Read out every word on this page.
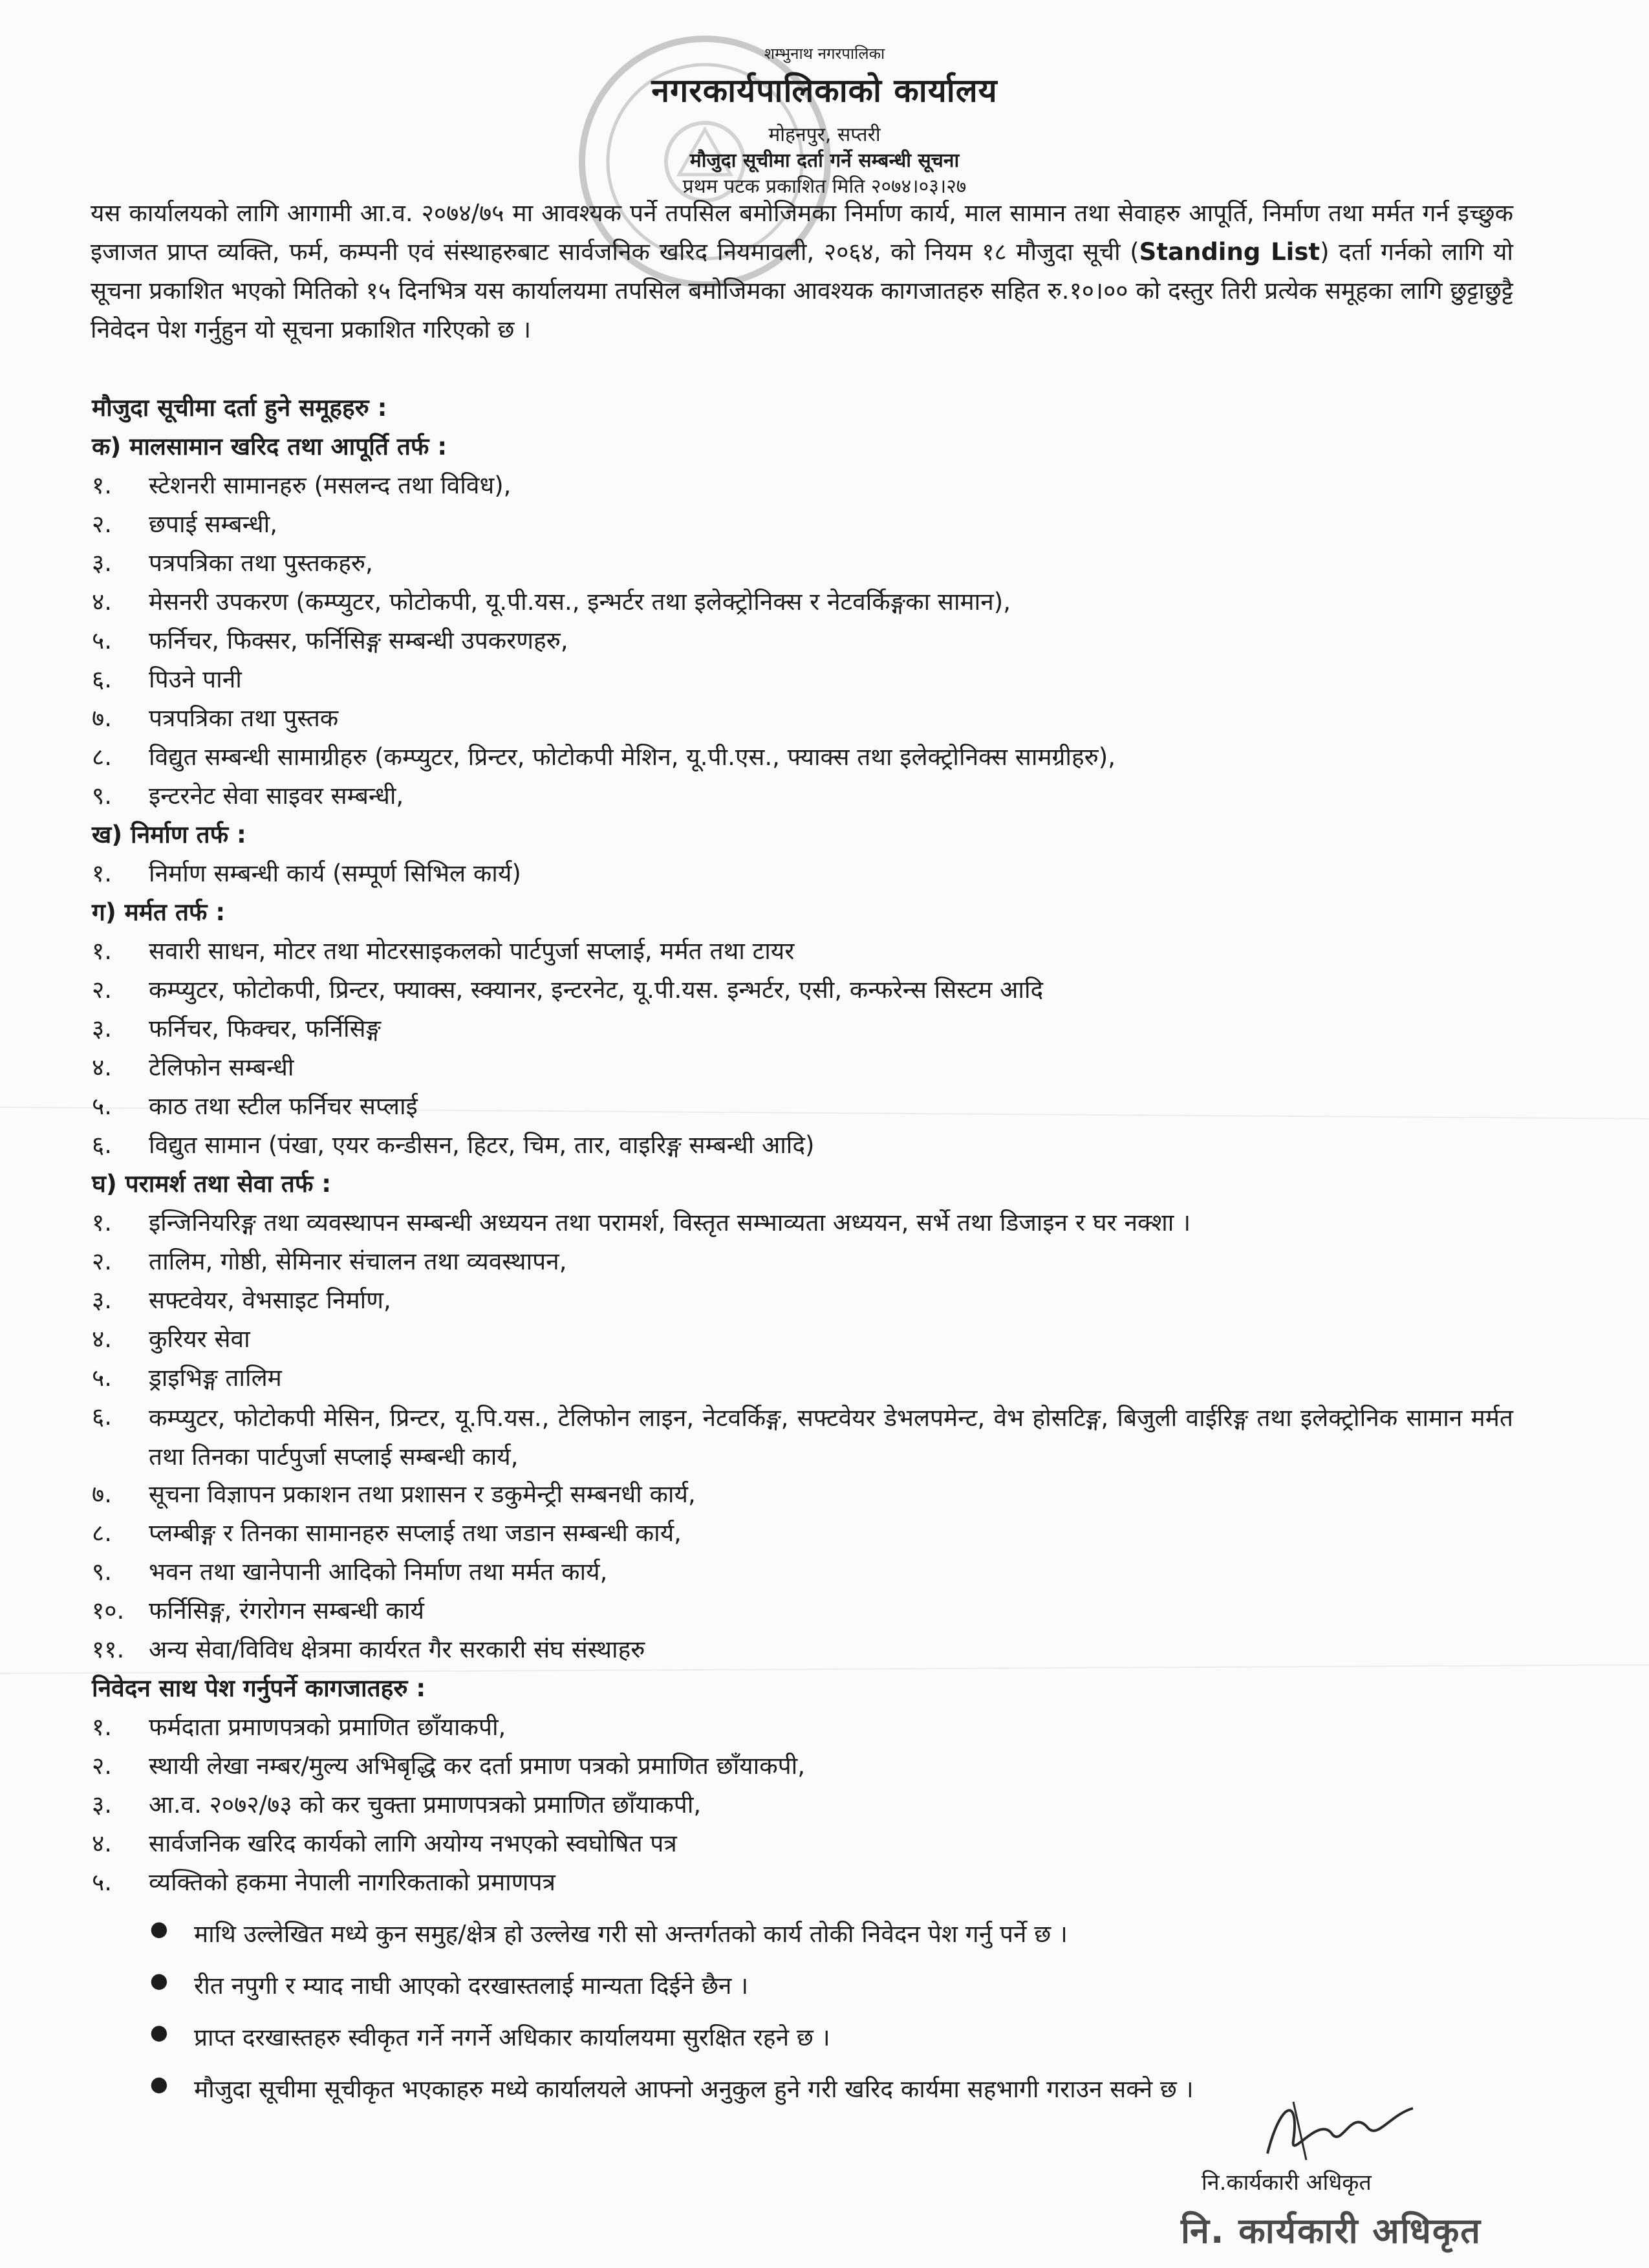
शम्भुनाथ नगरपालिका
नगरकार्यपालिकाको कार्यालय
मोहनपुर, सप्तरी
मौजुदा सूचीमा दर्ता गर्ने सम्बन्धी सूचना
प्रथम पटक प्रकाशित मिति २०७४।०३।२७
यस कार्यालयको लागि आगामी आ.व. २०७४/७५ मा आवश्यक पर्ने तपसिल बमोजिमका निर्माण कार्य, माल सामान तथा सेवाहरु आपूर्ति, निर्माण तथा मर्मत गर्न इच्छुक इजाजत प्राप्त व्यक्ति, फर्म, कम्पनी एवं संस्थाहरुबाट सार्वजनिक खरिद नियमावली, २०६४, को नियम १८ मौजुदा सूची (Standing List) दर्ता गर्नको लागि यो सूचना प्रकाशित भएको मितिको १५ दिनभित्र यस कार्यालयमा तपसिल बमोजिमका आवश्यक कागजातहरु सहित रु.१०।०० को दस्तुर तिरी प्रत्येक समूहका लागि छुट्टाछुट्टै निवेदन पेश गर्नुहुन यो सूचना प्रकाशित गरिएको छ ।
मौजुदा सूचीमा दर्ता हुने समूहहरु :
क) मालसामान खरिद तथा आपूर्ति तर्फ :
१. स्टेशनरी सामानहरु (मसलन्द तथा विविध),
२. छपाई सम्बन्धी,
३. पत्रपत्रिका तथा पुस्तकहरु,
४. मेसनरी उपकरण (कम्प्युटर, फोटोकपी, यू.पी.यस., इन्भर्टर तथा इलेक्ट्रोनिक्स र नेटवर्किङ्गका सामान),
५. फर्निचर, फिक्सर, फर्निसिङ्ग सम्बन्धी उपकरणहरु,
६. पिउने पानी
७. पत्रपत्रिका तथा पुस्तक
८. विद्युत सम्बन्धी सामाग्रीहरु (कम्प्युटर, प्रिन्टर, फोटोकपी मेशिन, यू.पी.एस., फ्याक्स तथा इलेक्ट्रोनिक्स सामग्रीहरु),
९. इन्टरनेट सेवा साइवर सम्बन्धी,
ख) निर्माण तर्फ :
१. निर्माण सम्बन्धी कार्य (सम्पूर्ण सिभिल कार्य)
ग) मर्मत तर्फ :
१. सवारी साधन, मोटर तथा मोटरसाइकलको पार्टपुर्जा सप्लाई, मर्मत तथा टायर
२. कम्प्युटर, फोटोकपी, प्रिन्टर, फ्याक्स, स्क्यानर, इन्टरनेट, यू.पी.यस. इन्भर्टर, एसी, कन्फरेन्स सिस्टम आदि
३. फर्निचर, फिक्चर, फर्निसिङ्ग
४. टेलिफोन सम्बन्धी
५. काठ तथा स्टील फर्निचर सप्लाई
६. विद्युत सामान (पंखा, एयर कन्डीसन, हिटर, चिम, तार, वाइरिङ्ग सम्बन्धी आदि)
घ) परामर्श तथा सेवा तर्फ :
१. इन्जिनियरिङ्ग तथा व्यवस्थापन सम्बन्धी अध्ययन तथा परामर्श, विस्तृत सम्भाव्यता अध्ययन, सर्भे तथा डिजाइन र घर नक्शा ।
२. तालिम, गोष्ठी, सेमिनार संचालन तथा व्यवस्थापन,
३. सफ्टवेयर, वेभसाइट निर्माण,
४. कुरियर सेवा
५. ड्राइभिङ्ग तालिम
६. कम्प्युटर, फोटोकपी मेसिन, प्रिन्टर, यू.पि.यस., टेलिफोन लाइन, नेटवर्किङ्ग, सफ्टवेयर डेभलपमेन्ट, वेभ होसटिङ्ग, बिजुली वाईरिङ्ग तथा इलेक्ट्रोनिक सामान मर्मत तथा तिनका पार्टपुर्जा सप्लाई सम्बन्धी कार्य,
७. सूचना विज्ञापन प्रकाशन तथा प्रशासन र डकुमेन्ट्री सम्बनधी कार्य,
८. प्लम्बीङ्ग र तिनका सामानहरु सप्लाई तथा जडान सम्बन्धी कार्य,
९. भवन तथा खानेपानी आदिको निर्माण तथा मर्मत कार्य,
१०. फर्निसिङ्ग, रंगरोगन सम्बन्धी कार्य
११. अन्य सेवा/विविध क्षेत्रमा कार्यरत गैर सरकारी संघ संस्थाहरु
निवेदन साथ पेश गर्नुपर्ने कागजातहरु :
१. फर्मदाता प्रमाणपत्रको प्रमाणित छाँयाकपी,
२. स्थायी लेखा नम्बर/मुल्य अभिबृद्धि कर दर्ता प्रमाण पत्रको प्रमाणित छाँयाकपी,
३. आ.व. २०७२/७३ को कर चुक्ता प्रमाणपत्रको प्रमाणित छाँयाकपी,
४. सार्वजनिक खरिद कार्यको लागि अयोग्य नभएको स्वघोषित पत्र
५. व्यक्तिको हकमा नेपाली नागरिकताको प्रमाणपत्र
● माथि उल्लेखित मध्ये कुन समुह/क्षेत्र हो उल्लेख गरी सो अन्तर्गतको कार्य तोकी निवेदन पेश गर्नु पर्ने छ ।
● रीत नपुगी र म्याद नाघी आएको दरखास्तलाई मान्यता दिईने छैन ।
● प्राप्त दरखास्तहरु स्वीकृत गर्ने नगर्ने अधिकार कार्यालयमा सुरक्षित रहने छ ।
● मौजुदा सूचीमा सूचीकृत भएकाहरु मध्ये कार्यालयले आफ्नो अनुकुल हुने गरी खरिद कार्यमा सहभागी गराउन सक्ने छ ।
नि.कार्यकारी अधिकृत
नि. कार्यकारी अधिकृत
